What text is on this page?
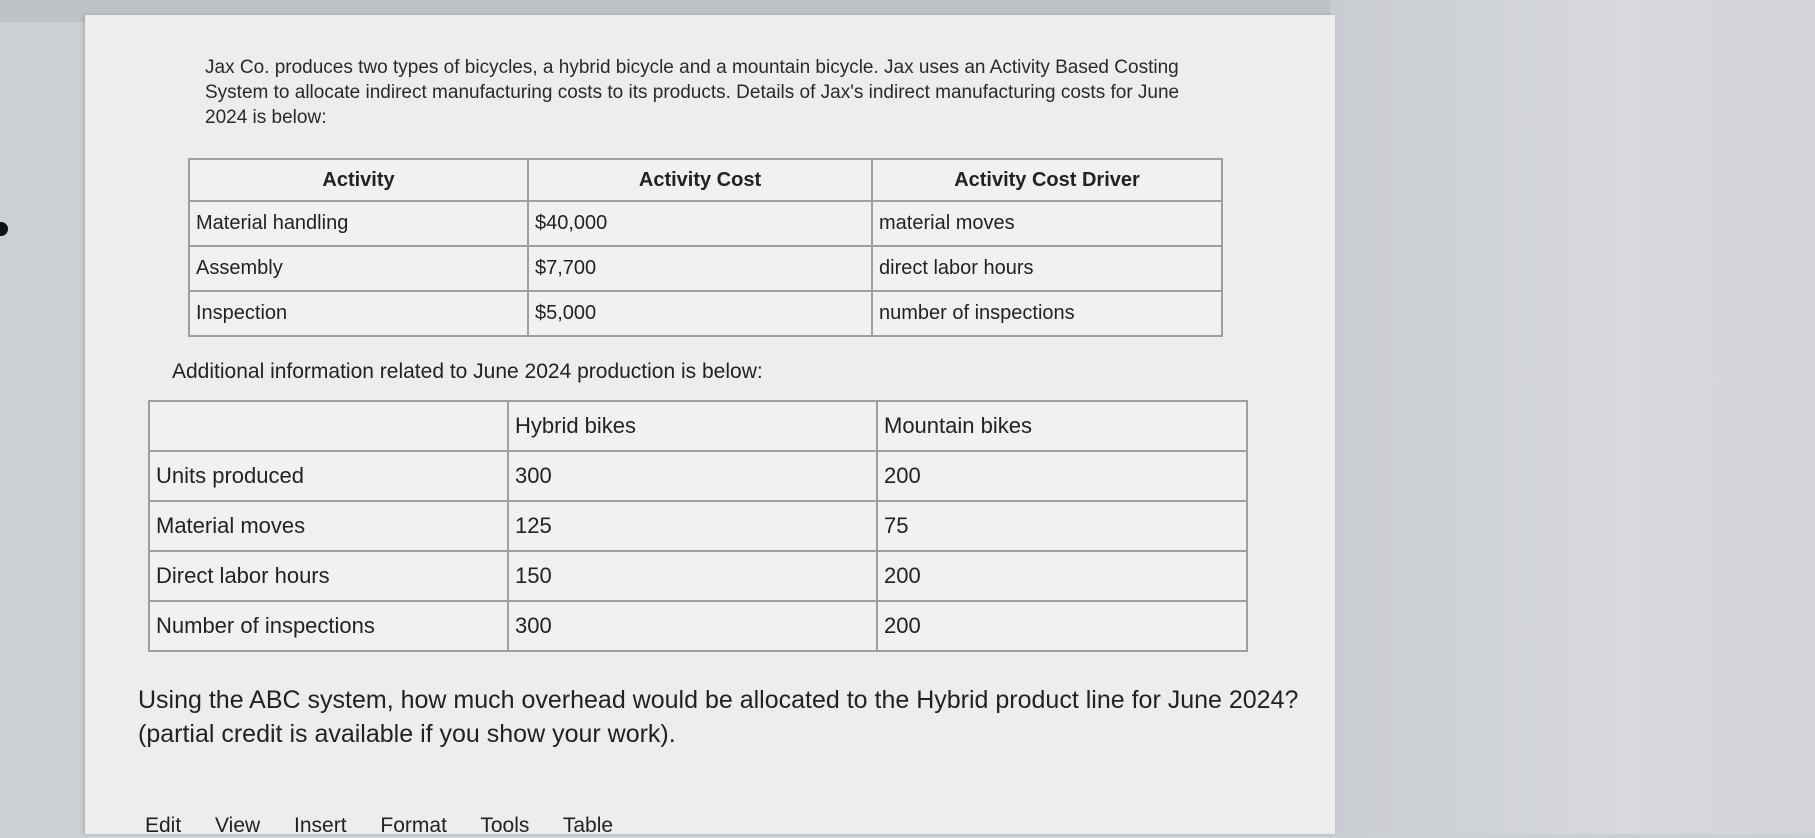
Jax Co. produces two types of bicycles, a hybrid bicycle and a mountain bicycle. Jax uses an Activity Based Costing System to allocate indirect manufacturing costs to its products. Details of Jax's indirect manufacturing costs for June 2024 is below:
Activity	Activity Cost	Activity Cost Driver
Material handling	$40,000	material moves
Assembly	$7,700	direct labor hours
Inspection	$5,000	number of inspections
Additional information related to June 2024 production is below:
	Hybrid bikes	Mountain bikes
Units produced	300	200
Material moves	125	75
Direct labor hours	150	200
Number of inspections	300	200
Using the ABC system, how much overhead would be allocated to the Hybrid product line for June 2024? (partial credit is available if you show your work).
Edit View Insert Format Tools Table
